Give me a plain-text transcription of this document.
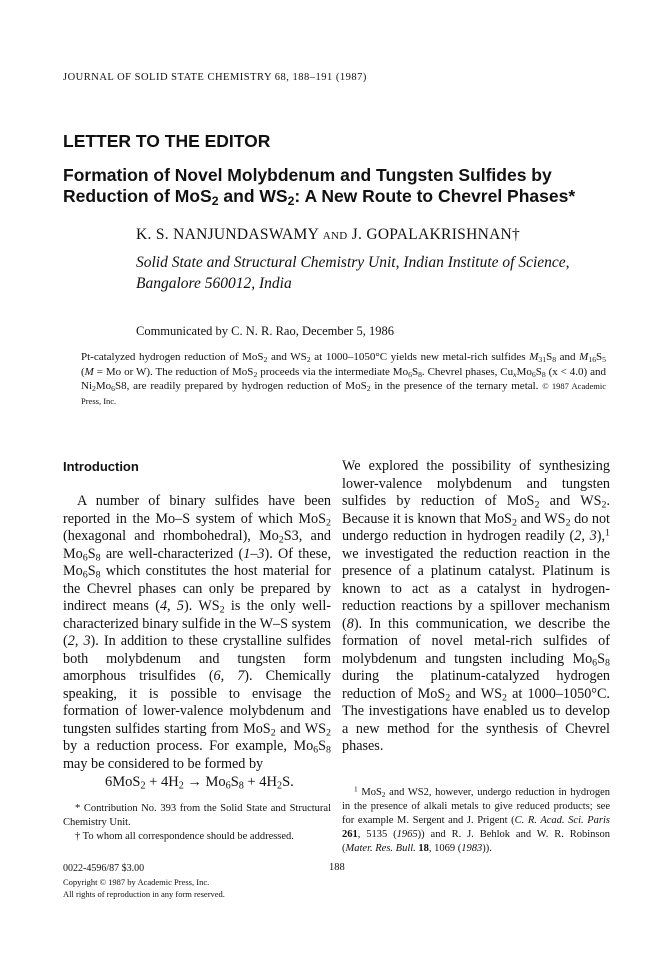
JOURNAL OF SOLID STATE CHEMISTRY 68, 188–191 (1987)
LETTER TO THE EDITOR
Formation of Novel Molybdenum and Tungsten Sulfides by
Reduction of MoS$_2$ and $WS_2$: A New Route to Chevrel Phases*
K. S. NANJUNDASWAMY AND J. GOPALAKRISHNAN†
Solid State and Structural Chemistry Unit, Indian Institute of Science, Bangalore 560012, India
Communicated by C. N. R. Rao, December 5, 1986
Pt-catalyzed hydrogen reduction of MoS$_2$ and $WS_2$ at 1000–1050°C yields new metal-rich sulfides $M_{31}S_8$ and $M_{16}S_5$ (M = Mo or W). The reduction of MoS$_2$ proceeds via the intermediate $Mo_6S_8$. Chevrel phases, $Cu_xMo_6S_8$ (x < 4.0) and $Ni_2Mo_6S8$, are readily prepared by hydrogen reduction of MoS$_2$ in the presence of the ternary metal. © 1987 Academic Press, Inc.
Introduction

A number of binary sulfides have been reported in the Mo–S system of which MoS$_2$ (hexagonal and rhombohedral), $Mo_2S3$, and $Mo_6S_8$ are well-characterized (1–3). Of these, $Mo_6S_8$ which constitutes the host material for the Chevrel phases can only be prepared by indirect means (4, 5). $WS_2$ is the only well-characterized binary sulfide in the W–S system (2, 3). In addition to these crystalline sulfides both molybdenum and tungsten form amorphous trisulfides (6, 7). Chemically speaking, it is possible to envisage the formation of lower-valence molybdenum and tungsten sulfides starting from MoS$_2$ and $WS_2$ by a reduction process. For example, $Mo_6S_8$ may be considered to be formed by

$6MoS_2 + 4H_2 \to Mo_6S_8 + 4H_2S$.

We explored the possibility of synthesizing lower-valence molybdenum and tungsten sulfides by reduction of MoS$_2$ and $WS_2$. Because it is known that MoS$_2$ and $WS_2$ do not undergo reduction in hydrogen readily (2, 3),$^1$ we investigated the reduction reaction in the presence of a platinum catalyst. Platinum is known to act as a catalyst in hydrogen-reduction reactions by a spillover mechanism (8). In this communication, we describe the formation of novel metal-rich sulfides of molybdenum and tungsten including $Mo_6S_8$ during the platinum-catalyzed hydrogen reduction of MoS$_2$ and $WS_2$ at 1000–1050°C. The investigations have enabled us to develop a new method for the synthesis of Chevrel phases.

* Contribution No. 393 from the Solid State and Structural Chemistry Unit.

† To whom all correspondence should be addressed.

$^1$ MoS$_2$ and WS2, however, undergo reduction in hydrogen in the presence of alkali metals to give reduced products; see for example M. Sergent and J. Prigent (C. R. Acad. Sci. Paris 261, 5135 (1965)) and R. J. Behlok and W. R. Robinson (Mater. Res. Bull. 18, 1069 (1983)).

0022-4596/87 $3.00
Copyright © 1987 by Academic Press, Inc.
All rights of reproduction in any form reserved.
188
